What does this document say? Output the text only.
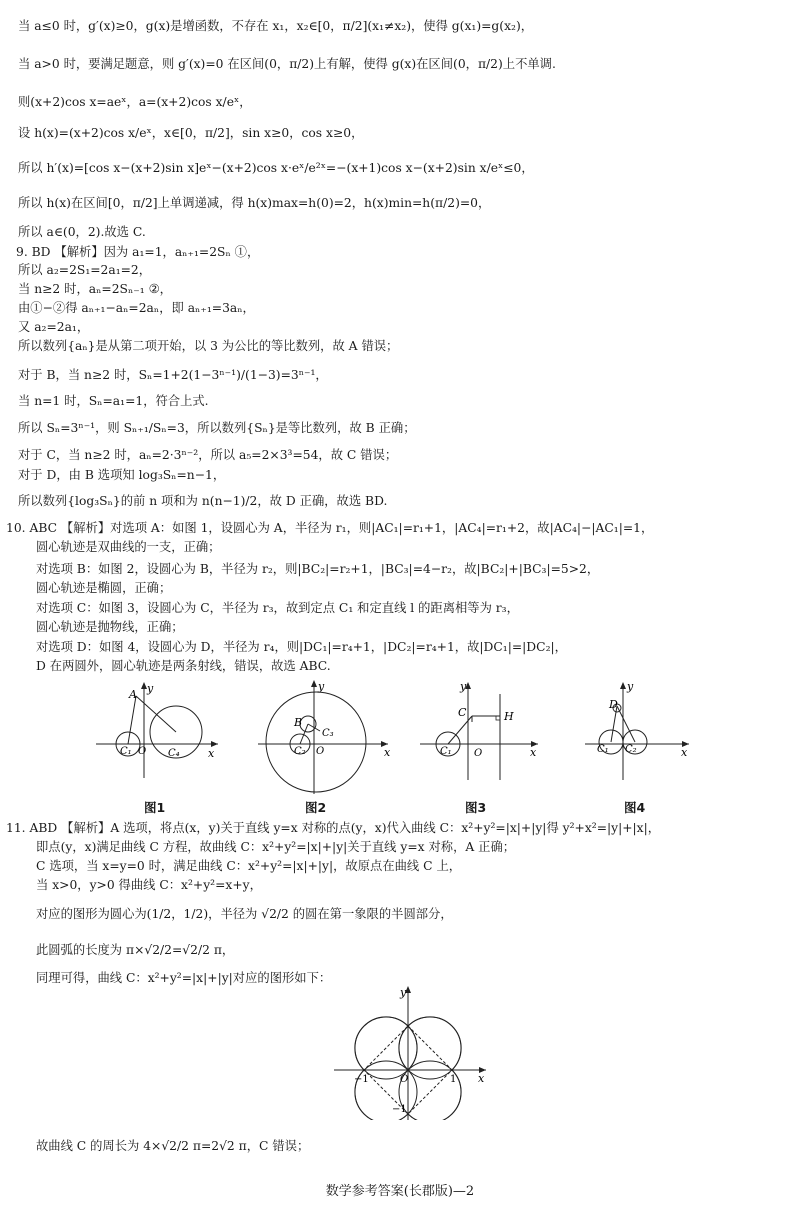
当 a≤0 时，g′(x)≥0，g(x)是增函数，不存在 x₁，x₂∈[0，π/2](x₁≠x₂)，使得 g(x₁)=g(x₂)，
当 a>0 时，要满足题意，则 g′(x)=0 在区间(0，π/2)上有解，使得 g(x)在区间(0，π/2)上不单调.
则(x+2)cos x=aeˣ，a=(x+2)cos x/eˣ，
设 h(x)=(x+2)cos x/eˣ，x∈[0，π/2]，sin x≥0，cos x≥0，
所以 h′(x)=[cos x−(x+2)sin x]eˣ−(x+2)cos x·eˣ/e²ˣ=−(x+1)cos x−(x+2)sin x/eˣ≤0，
所以 h(x)在区间[0，π/2]上单调递减，得 h(x)max=h(0)=2，h(x)min=h(π/2)=0，
所以 a∈(0，2).故选 C.
9. BD 【解析】因为 a₁=1，aₙ₊₁=2Sₙ ①，
所以 a₂=2S₁=2a₁=2，
当 n≥2 时，aₙ=2Sₙ₋₁ ②，
由①−②得 aₙ₊₁−aₙ=2aₙ，即 aₙ₊₁=3aₙ，
又 a₂=2a₁，
所以数列{aₙ}是从第二项开始，以 3 为公比的等比数列，故 A 错误；
对于 B，当 n≥2 时，Sₙ=1+2(1−3ⁿ⁻¹)/(1−3)=3ⁿ⁻¹，
当 n=1 时，Sₙ=a₁=1，符合上式.
所以 Sₙ=3ⁿ⁻¹，则 Sₙ₊₁/Sₙ=3，所以数列{Sₙ}是等比数列，故 B 正确；
对于 C，当 n≥2 时，aₙ=2·3ⁿ⁻²，所以 a₅=2×3³=54，故 C 错误；
对于 D，由 B 选项知 log₃Sₙ=n−1，
所以数列{log₃Sₙ}的前 n 项和为 n(n−1)/2，故 D 正确，故选 BD.
10. ABC 【解析】对选项 A：如图 1，设圆心为 A，半径为 r₁，则|AC₁|=r₁+1，|AC₄|=r₁+2，故|AC₄|−|AC₁|=1，
圆心轨迹是双曲线的一支，正确；
对选项 B：如图 2，设圆心为 B，半径为 r₂，则|BC₂|=r₂+1，|BC₃|=4−r₂，故|BC₂|+|BC₃|=5>2，
圆心轨迹是椭圆，正确；
对选项 C：如图 3，设圆心为 C，半径为 r₃，故到定点 C₁ 和定直线 l 的距离相等为 r₃，
圆心轨迹是抛物线，正确；
对选项 D：如图 4，设圆心为 D，半径为 r₄，则|DC₁|=r₄+1，|DC₂|=r₄+1，故|DC₁|=|DC₂|，
D 在两圆外，圆心轨迹是两条射线，错误，故选 ABC.
A y
x
C₁ O C₄
图1
y
x
B
C₃
C₂ O
图2
y
x
C	H
C₁ O
图3
y
x
D
C₁ C₂
图4
11. ABD 【解析】A 选项，将点(x，y)关于直线 y=x 对称的点(y，x)代入曲线 C：x²+y²=|x|+|y|得 y²+x²=|y|+|x|，
即点(y，x)满足曲线 C 方程，故曲线 C：x²+y²=|x|+|y|关于直线 y=x 对称，A 正确；
C 选项，当 x=y=0 时，满足曲线 C：x²+y²=|x|+|y|，故原点在曲线 C 上，
当 x>0，y>0 得曲线 C：x²+y²=x+y，
对应的图形为圆心为(1/2，1/2)，半径为 √2/2 的圆在第一象限的半圆部分，
此圆弧的长度为 π×√2/2=√2/2 π，
同理可得，曲线 C：x²+y²=|x|+|y|对应的图形如下：
y
x
O	1
−1
−1
故曲线 C 的周长为 4×√2/2 π=2√2 π，C 错误；
数学参考答案(长郡版)—2
